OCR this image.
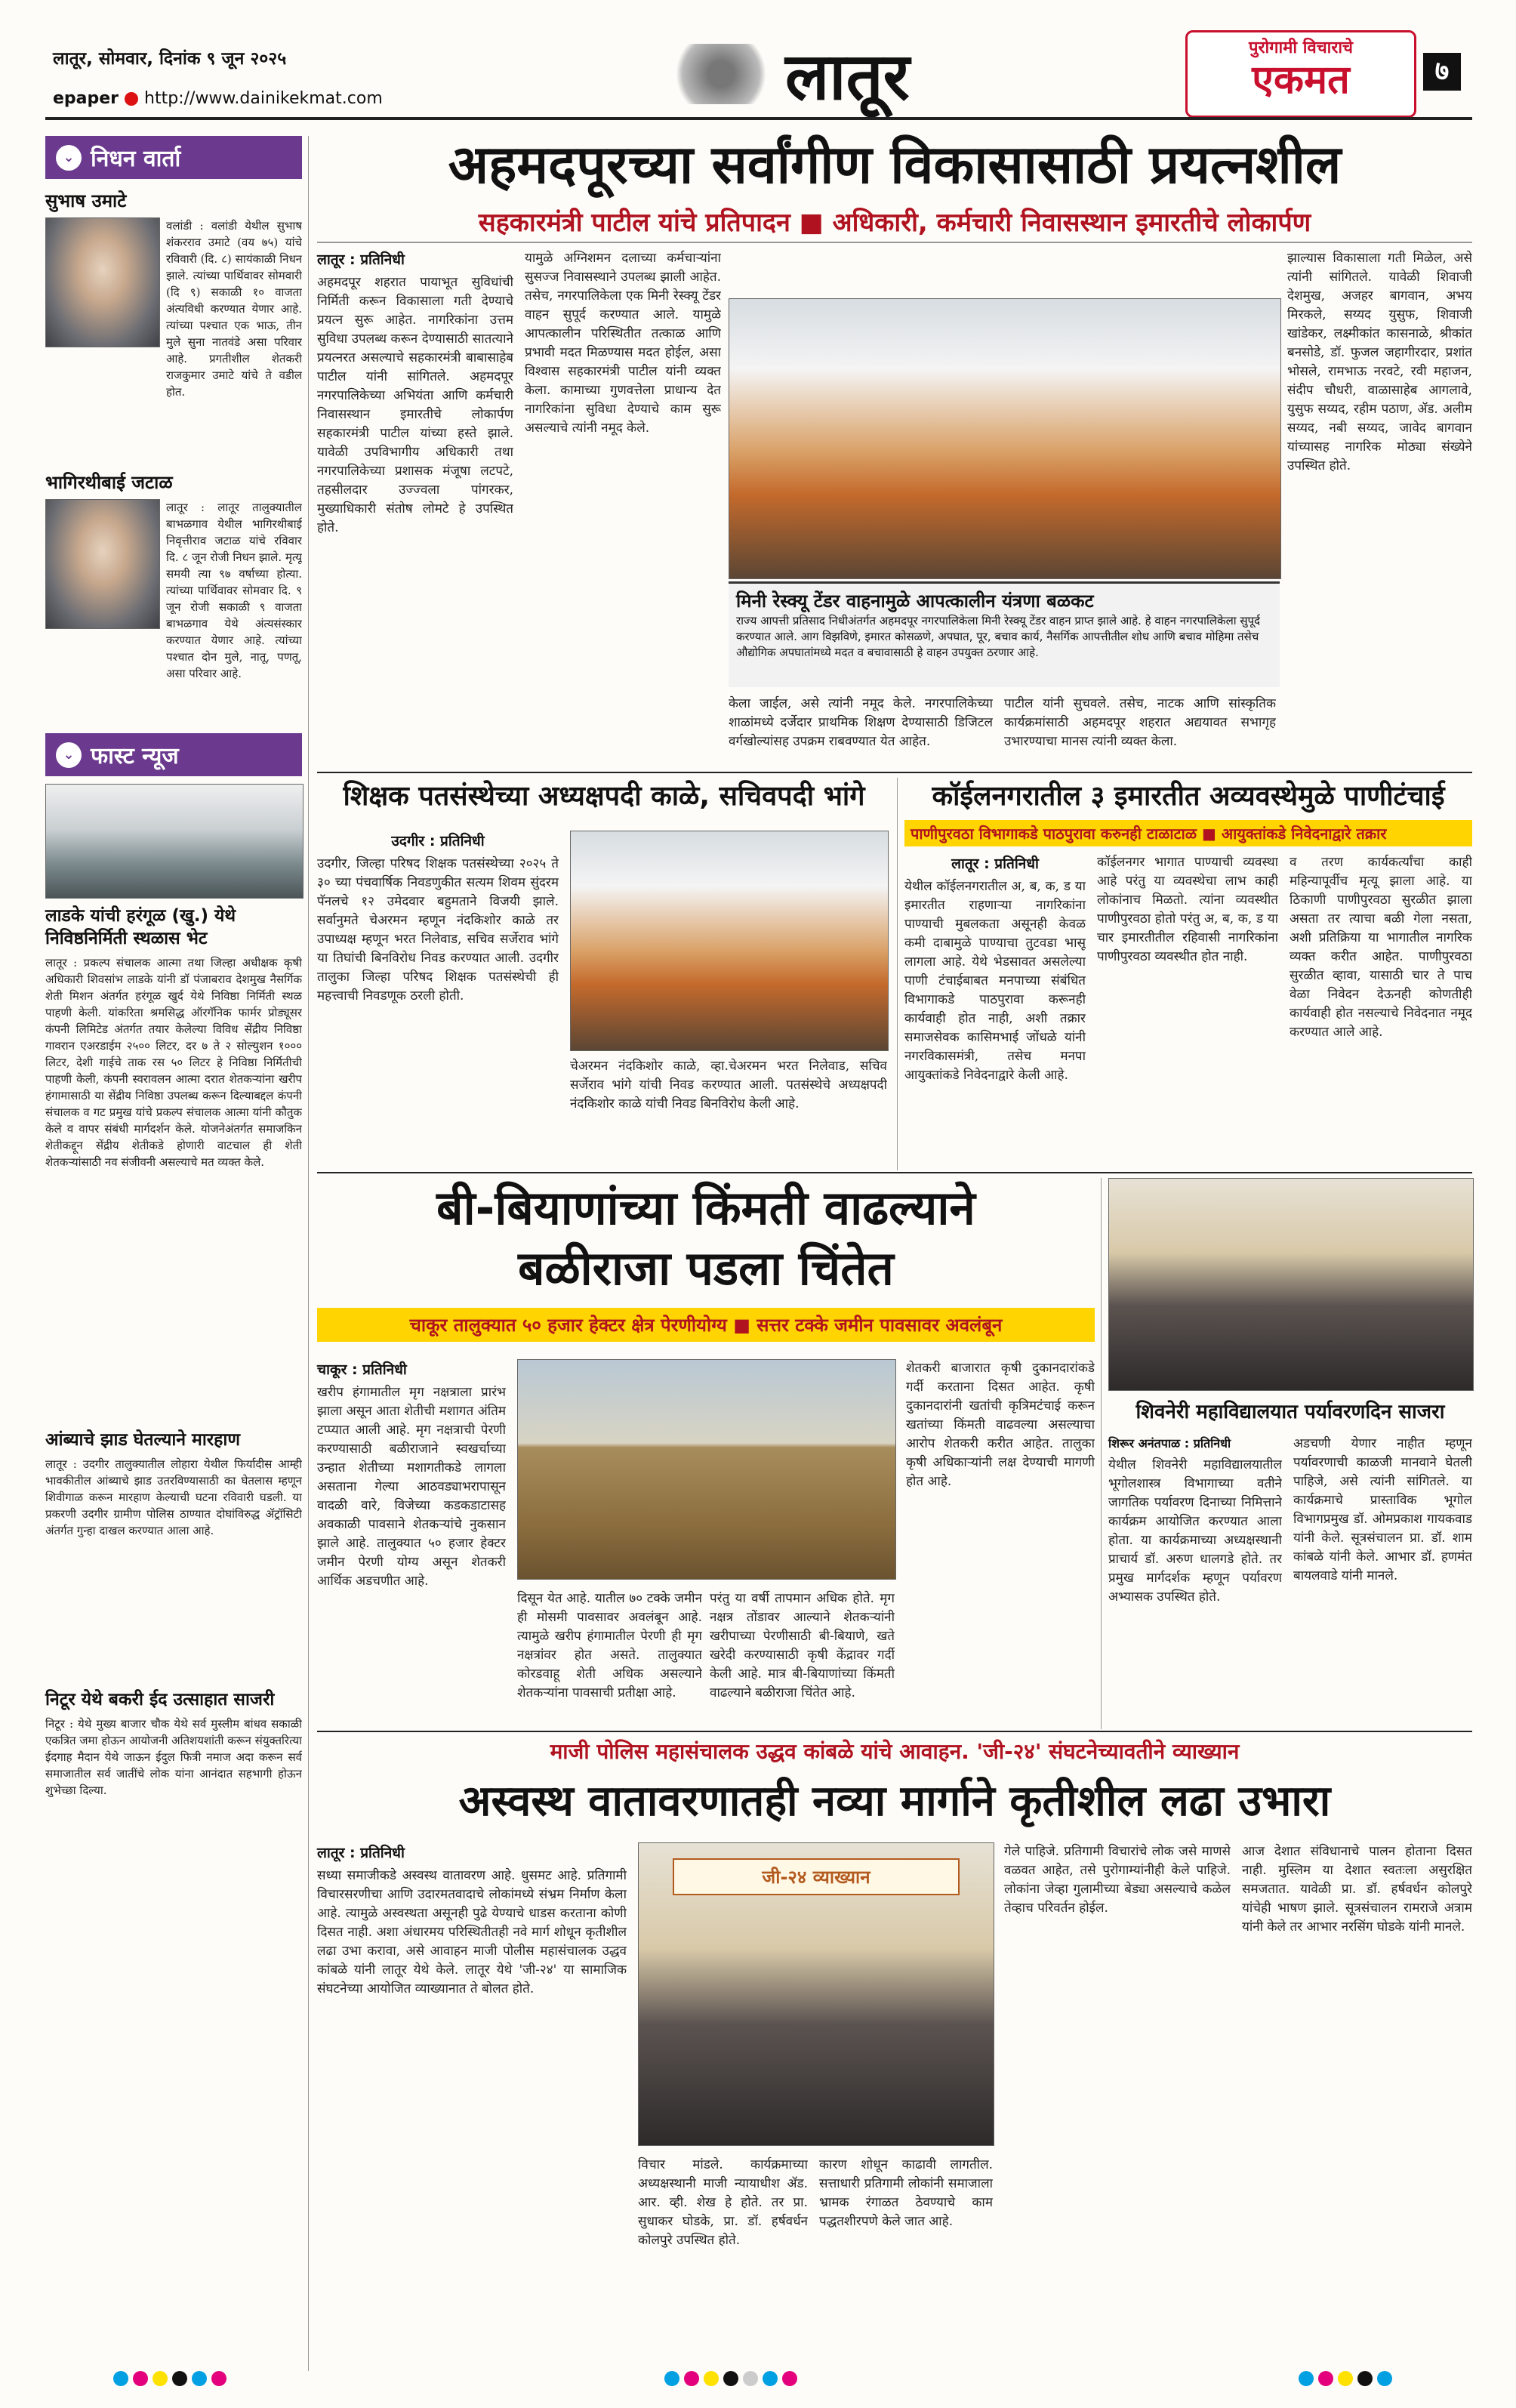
लातूर, सोमवार, दिनांक ९ जून २०२५
epaper http://www.dainikekmat.com	लातूर	पुरोगामी विचाराचे
एकमत	७
⌄ निधन वार्ता
सुभाष उमाटे
वलांडी : वलांडी येथील सुभाष शंकरराव उमाटे (वय ७५) यांचे रविवारी (दि. ८) सायंकाळी निधन झाले. त्यांच्या पार्थिवावर सोमवारी (दि ९) सकाळी १० वाजता अंत्यविधी करण्यात येणार आहे. त्यांच्या पश्चात एक भाऊ, तीन मुले सुना नातवंडे असा परिवार आहे. प्रगतीशील शेतकरी राजकुमार उमाटे यांचे ते वडील होत.
भागिरथीबाई जटाळ
लातूर : लातूर तालुक्यातील बाभळगाव येथील भागिरथीबाई निवृत्तीराव जटाळ यांचे रविवार दि. ८ जून रोजी निधन झाले. मृत्यू समयी त्या ९७ वर्षाच्या होत्या. त्यांच्या पार्थिवावर सोमवार दि. ९ जून रोजी सकाळी ९ वाजता बाभळगाव येथे अंत्यसंस्कार करण्यात येणार आहे. त्यांच्या पश्चात दोन मुले, नातू, पणतू, असा परिवार आहे.
⌄ फास्ट न्यूज
लाडके यांची हरंगूळ (खु.) येथे निविष्ठनिर्मिती स्थळास भेट
लातूर : प्रकल्प संचालक आत्मा तथा जिल्हा अधीक्षक कृषी अधिकारी शिवसांभ लाडके यांनी डॉ पंजाबराव देशमुख नैसर्गिक शेती मिशन अंतर्गत हरंगूळ खुर्द येथे निविष्ठा निर्मिती स्थळ पाहणी केली. यांकरिता श्रमसिद्ध ऑरगॅनिक फार्मर प्रोड्यूसर कंपनी लिमिटेड अंतर्गत तयार केलेल्या विविध सेंद्रीय निविष्ठा गावरान एअरडाईम २५०० लिटर, दर ७ ते २ सोल्युशन १००० लिटर, देशी गाईचे ताक रस ५० लिटर हे निविष्ठा निर्मितीची पाहणी केली, कंपनी स्वरावलन आत्मा दरात शेतकऱ्यांना खरीप हंगामासाठी या सेंद्रीय निविष्ठा उपलब्ध करून दिल्याबद्दल कंपनी संचालक व गट प्रमुख यांचे प्रकल्प संचालक आत्मा यांनी कौतुक केले व वापर संबंधी मार्गदर्शन केले. योजनेअंतर्गत समाजकिन शेतीकद्दून सेंद्रीय शेतीकडे होणारी वाटचाल ही शेती शेतकऱ्यांसाठी नव संजीवनी असल्याचे मत व्यक्त केले.
आंब्याचे झाड घेतल्याने मारहाण
लातूर : उदगीर तालुक्यातील लोहारा येथील फिर्यादीस आम्ही भावकीतील आंब्याचे झाड उतरविण्यासाठी का घेतलास म्हणून शिवीगाळ करून मारहाण केल्याची घटना रविवारी घडली. या प्रकरणी उदगीर ग्रामीण पोलिस ठाण्यात दोघांविरुद्ध ॲट्रॉसिटी अंतर्गत गुन्हा दाखल करण्यात आला आहे.
निटूर येथे बकरी ईद उत्साहात साजरी
निटूर : येथे मुख्य बाजार चौक येथे सर्व मुस्लीम बांधव सकाळी एकत्रित जमा होऊन आयोजनी अतिशयशांती करून संयुक्तरित्या ईदगाह मैदान येथे जाऊन ईदुल फित्री नमाज अदा करून सर्व समाजातील सर्व जातींचे लोक यांना आनंदात सहभागी होऊन शुभेच्छा दिल्या.
अहमदपूरच्या सर्वांगीण विकासासाठी प्रयत्नशील
सहकारमंत्री पाटील यांचे प्रतिपादन ■ अधिकारी, कर्मचारी निवासस्थान इमारतीचे लोकार्पण
लातूर : प्रतिनिधी
अहमदपूर शहरात पायाभूत सुविधांची निर्मिती करून विकासाला गती देण्याचे प्रयत्न सुरू आहेत. नागरिकांना उत्तम सुविधा उपलब्ध करून देण्यासाठी सातत्याने प्रयत्नरत असल्याचे सहकारमंत्री बाबासाहेब पाटील यांनी सांगितले. अहमदपूर नगरपालिकेच्या अभियंता आणि कर्मचारी निवासस्थान इमारतीचे लोकार्पण सहकारमंत्री पाटील यांच्या हस्ते झाले. यावेळी उपविभागीय अधिकारी तथा नगरपालिकेच्या प्रशासक मंजूषा लटपटे, तहसीलदार उज्ज्वला पांगरकर, मुख्याधिकारी संतोष लोमटे हे उपस्थित होते.
यामुळे अग्निशमन दलाच्या कर्मचाऱ्यांना सुसज्ज निवासस्थाने उपलब्ध झाली आहेत. तसेच, नगरपालिकेला एक मिनी रेस्क्यू टेंडर वाहन सुपूर्द करण्यात आले. यामुळे आपत्कालीन परिस्थितीत तत्काळ आणि प्रभावी मदत मिळण्यास मदत होईल, असा विश्वास सहकारमंत्री पाटील यांनी व्यक्त केला. कामाच्या गुणवत्तेला प्राधान्य देत नागरिकांना सुविधा देण्याचे काम सुरू असल्याचे त्यांनी नमूद केले.
मिनी रेस्क्यू टेंडर वाहनामुळे आपत्कालीन यंत्रणा बळकट
राज्य आपत्ती प्रतिसाद निधीअंतर्गत अहमदपूर नगरपालिकेला मिनी रेस्क्यू टेंडर वाहन प्राप्त झाले आहे. हे वाहन नगरपालिकेला सुपूर्द करण्यात आले. आग विझविणे, इमारत कोसळणे, अपघात, पूर, बचाव कार्य, नैसर्गिक आपत्तीतील शोध आणि बचाव मोहिमा तसेच औद्योगिक अपघातांमध्ये मदत व बचावासाठी हे वाहन उपयुक्त ठरणार आहे.
केला जाईल, असे त्यांनी नमूद केले. नगरपालिकेच्या शाळांमध्ये दर्जेदार प्राथमिक शिक्षण देण्यासाठी डिजिटल वर्गखोल्यांसह उपक्रम राबवण्यात येत आहेत.
पाटील यांनी सुचवले. तसेच, नाटक आणि सांस्कृतिक कार्यक्रमांसाठी अहमदपूर शहरात अद्ययावत सभागृह उभारण्याचा मानस त्यांनी व्यक्त केला.
झाल्यास विकासाला गती मिळेल, असे त्यांनी सांगितले. यावेळी शिवाजी देशमुख, अजहर बागवान, अभय मिरकले, सय्यद युसुफ, शिवाजी खांडेकर, लक्ष्मीकांत कासनाळे, श्रीकांत बनसोडे, डॉ. फुजल जहागीरदार, प्रशांत भोसले, रामभाऊ नरवटे, रवी महाजन, संदीप चौधरी, वाळासाहेब आगलावे, युसुफ सय्यद, रहीम पठाण, ॲड. अलीम सय्यद, नबी सय्यद, जावेद बागवान यांच्यासह नागरिक मोठ्या संख्येने उपस्थित होते.
शिक्षक पतसंस्थेच्या अध्यक्षपदी काळे, सचिवपदी भांगे
उदगीर : प्रतिनिधी
उदगीर, जिल्हा परिषद शिक्षक पतसंस्थेच्या २०२५ ते ३० च्या पंचवार्षिक निवडणुकीत सत्यम शिवम सुंदरम पॅनलचे १२ उमेदवार बहुमताने विजयी झाले. सर्वानुमते चेअरमन म्हणून नंदकिशोर काळे तर उपाध्यक्ष म्हणून भरत निलेवाड, सचिव सर्जेराव भांगे या तिघांची बिनविरोध निवड करण्यात आली. उदगीर तालुका जिल्हा परिषद शिक्षक पतसंस्थेची ही महत्त्वाची निवडणूक ठरली होती.
चेअरमन नंदकिशोर काळे, व्हा.चेअरमन भरत निलेवाड, सचिव सर्जेराव भांगे यांची निवड करण्यात आली. पतसंस्थेचे अध्यक्षपदी नंदकिशोर काळे यांची निवड बिनविरोध केली आहे.
कॉईलनगरातील ३ इमारतीत अव्यवस्थेमुळे पाणीटंचाई
पाणीपुरवठा विभागाकडे पाठपुरावा करुनही टाळाटाळ ■ आयुक्तांकडे निवेदनाद्वारे तक्रार
लातूर : प्रतिनिधी
येथील कॉईलनगरातील अ, ब, क, ड या इमारतीत राहणाऱ्या नागरिकांना पाण्याची मुबलकता असूनही केवळ कमी दाबामुळे पाण्याचा तुटवडा भासू लागला आहे. येथे भेडसावत असलेल्या पाणी टंचाईबाबत मनपाच्या संबंधित विभागाकडे पाठपुरावा करूनही कार्यवाही होत नाही, अशी तक्रार समाजसेवक कासिमभाई जोंधळे यांनी नगरविकासमंत्री, तसेच मनपा आयुक्तांकडे निवेदनाद्वारे केली आहे.
कॉईलनगर भागात पाण्याची व्यवस्था आहे परंतु या व्यवस्थेचा लाभ काही लोकांनाच मिळतो. त्यांना व्यवस्थीत पाणीपुरवठा होतो परंतु अ, ब, क, ड या चार इमारतीतील रहिवासी नागरिकांना पाणीपुरवठा व्यवस्थीत होत नाही.
व तरण कार्यकर्त्यांचा काही महिन्यापूर्वीच मृत्यू झाला आहे. या ठिकाणी पाणीपुरवठा सुरळीत झाला असता तर त्याचा बळी गेला नसता, अशी प्रतिक्रिया या भागातील नागरिक व्यक्त करीत आहेत. पाणीपुरवठा सुरळीत व्हावा, यासाठी चार ते पाच वेळा निवेदन देऊनही कोणतीही कार्यवाही होत नसल्याचे निवेदनात नमूद करण्यात आले आहे.
बी-बियाणांच्या किंमती वाढल्याने
बळीराजा पडला चिंतेत
चाकूर तालुक्यात ५० हजार हेक्टर क्षेत्र पेरणीयोग्य ■ सत्तर टक्के जमीन पावसावर अवलंबून
चाकूर : प्रतिनिधी
खरीप हंगामातील मृग नक्षत्राला प्रारंभ झाला असून आता शेतीची मशागत अंतिम टप्प्यात आली आहे. मृग नक्षत्राची पेरणी करण्यासाठी बळीराजाने स्वखर्चाच्या उन्हात शेतीच्या मशागतीकडे लागला असताना गेल्या आठवड्याभरापासून वादळी वारे, विजेच्या कडकडाटासह अवकाळी पावसाने शेतकऱ्यांचे नुकसान झाले आहे. तालुक्यात ५० हजार हेक्टर जमीन पेरणी योग्य असून शेतकरी आर्थिक अडचणीत आहे.
दिसून येत आहे. यातील ७० टक्के जमीन ही मोसमी पावसावर अवलंबून आहे. त्यामुळे खरीप हंगामातील पेरणी ही मृग नक्षत्रांवर होत असते. तालुक्यात कोरडवाहू शेती अधिक असल्याने शेतकऱ्यांना पावसाची प्रतीक्षा आहे.
परंतु या वर्षी तापमान अधिक होते. मृग नक्षत्र तोंडावर आल्याने शेतकऱ्यांनी खरीपाच्या पेरणीसाठी बी-बियाणे, खते खरेदी करण्यासाठी कृषी केंद्रावर गर्दी केली आहे. मात्र बी-बियाणांच्या किंमती वाढल्याने बळीराजा चिंतेत आहे.
शेतकरी बाजारात कृषी दुकानदारांकडे गर्दी करताना दिसत आहेत. कृषी दुकानदारांनी खतांची कृत्रिमटंचाई करून खतांच्या किंमती वाढवल्या असल्याचा आरोप शेतकरी करीत आहेत. तालुका कृषी अधिकाऱ्यांनी लक्ष देण्याची मागणी होत आहे.
शिवनेरी महाविद्यालयात पर्यावरणदिन साजरा
शिरूर अनंतपाळ : प्रतिनिधी
येथील शिवनेरी महाविद्यालयातील भूगोलशास्त्र विभागाच्या वतीने जागतिक पर्यावरण दिनाच्या निमित्ताने कार्यक्रम आयोजित करण्यात आला होता. या कार्यक्रमाच्या अध्यक्षस्थानी प्राचार्य डॉ. अरुण धालगडे होते. तर प्रमुख मार्गदर्शक म्हणून पर्यावरण अभ्यासक उपस्थित होते.
अडचणी येणार नाहीत म्हणून पर्यावरणाची काळजी मानवाने घेतली पाहिजे, असे त्यांनी सांगितले. या कार्यक्रमाचे प्रास्ताविक भूगोल विभागप्रमुख डॉ. ओमप्रकाश गायकवाड यांनी केले. सूत्रसंचालन प्रा. डॉ. शाम कांबळे यांनी केले. आभार डॉ. हणमंत बायलवाडे यांनी मानले.
माजी पोलिस महासंचालक उद्धव कांबळे यांचे आवाहन. 'जी-२४' संघटनेच्यावतीने व्याख्यान
अस्वस्थ वातावरणातही नव्या मार्गाने कृतीशील लढा उभारा
लातूर : प्रतिनिधी
सध्या समाजीकडे अस्वस्थ वातावरण आहे. धुसमट आहे. प्रतिगामी विचारसरणीचा आणि उदारमतवादाचे लोकांमध्ये संभ्रम निर्माण केला आहे. त्यामुळे अस्वस्थता असूनही पुढे येण्याचे धाडस करताना कोणी दिसत नाही. अशा अंधारमय परिस्थितीतही नवे मार्ग शोधून कृतीशील लढा उभा करावा, असे आवाहन माजी पोलीस महासंचालक उद्धव कांबळे यांनी लातूर येथे केले. लातूर येथे 'जी-२४' या सामाजिक संघटनेच्या आयोजित व्याख्यानात ते बोलत होते.
जी-२४ व्याख्यान
विचार मांडले. कार्यक्रमाच्या अध्यक्षस्थानी माजी न्यायाधीश ॲड. आर. व्ही. शेख हे होते. तर प्रा. सुधाकर घोडके, प्रा. डॉ. हर्षवर्धन कोलपुरे उपस्थित होते.
कारण शोधून काढावी लागतील. सत्ताधारी प्रतिगामी लोकांनी समाजाला भ्रामक रंगाळत ठेवण्याचे काम पद्धतशीरपणे केले जात आहे.
गेले पाहिजे. प्रतिगामी विचारांचे लोक जसे माणसे वळवत आहेत, तसे पुरोगाम्यांनीही केले पाहिजे. लोकांना जेव्हा गुलामीच्या बेड्या असल्याचे कळेल तेव्हाच परिवर्तन होईल.
आज देशात संविधानाचे पालन होताना दिसत नाही. मुस्लिम या देशात स्वतःला असुरक्षित समजतात. यावेळी प्रा. डॉ. हर्षवर्धन कोलपुरे यांचेही भाषण झाले. सूत्रसंचालन रामराजे अत्राम यांनी केले तर आभार नरसिंग घोडके यांनी मानले.
